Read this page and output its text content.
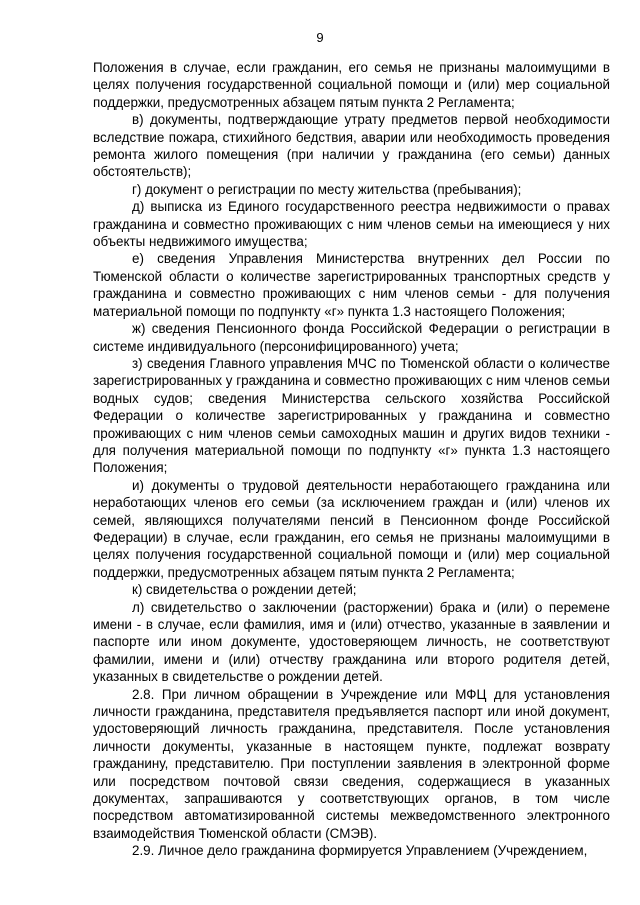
9

Положения в случае, если гражданин, его семья не признаны малоимущими в целях получения государственной социальной помощи и (или) мер социальной поддержки, предусмотренных абзацем пятым пункта 2 Регламента;

в) документы, подтверждающие утрату предметов первой необходимости вследствие пожара, стихийного бедствия, аварии или необходимость проведения ремонта жилого помещения (при наличии у гражданина (его семьи) данных обстоятельств);

г) документ о регистрации по месту жительства (пребывания);

д) выписка из Единого государственного реестра недвижимости о правах гражданина и совместно проживающих с ним членов семьи на имеющиеся у них объекты недвижимого имущества;

е) сведения Управления Министерства внутренних дел России по Тюменской области о количестве зарегистрированных транспортных средств у гражданина и совместно проживающих с ним членов семьи - для получения материальной помощи по подпункту «г» пункта 1.3 настоящего Положения;

ж) сведения Пенсионного фонда Российской Федерации о регистрации в системе индивидуального (персонифицированного) учета;

з) сведения Главного управления МЧС по Тюменской области о количестве зарегистрированных у гражданина и совместно проживающих с ним членов семьи водных судов; сведения Министерства сельского хозяйства Российской Федерации о количестве зарегистрированных у гражданина и совместно проживающих с ним членов семьи самоходных машин и других видов техники - для получения материальной помощи по подпункту «г» пункта 1.3 настоящего Положения;

и) документы о трудовой деятельности неработающего гражданина или неработающих членов его семьи (за исключением граждан и (или) членов их семей, являющихся получателями пенсий в Пенсионном фонде Российской Федерации) в случае, если гражданин, его семья не признаны малоимущими в целях получения государственной социальной помощи и (или) мер социальной поддержки, предусмотренных абзацем пятым пункта 2 Регламента;

к) свидетельства о рождении детей;

л) свидетельство о заключении (расторжении) брака и (или) о перемене имени - в случае, если фамилия, имя и (или) отчество, указанные в заявлении и паспорте или ином документе, удостоверяющем личность, не соответствуют фамилии, имени и (или) отчеству гражданина или второго родителя детей, указанных в свидетельстве о рождении детей.

2.8. При личном обращении в Учреждение или МФЦ для установления личности гражданина, представителя предъявляется паспорт или иной документ, удостоверяющий личность гражданина, представителя. После установления личности документы, указанные в настоящем пункте, подлежат возврату гражданину, представителю. При поступлении заявления в электронной форме или посредством почтовой связи сведения, содержащиеся в указанных документах, запрашиваются у соответствующих органов, в том числе посредством автоматизированной системы межведомственного электронного взаимодействия Тюменской области (СМЭВ).

2.9. Личное дело гражданина формируется Управлением (Учреждением,
